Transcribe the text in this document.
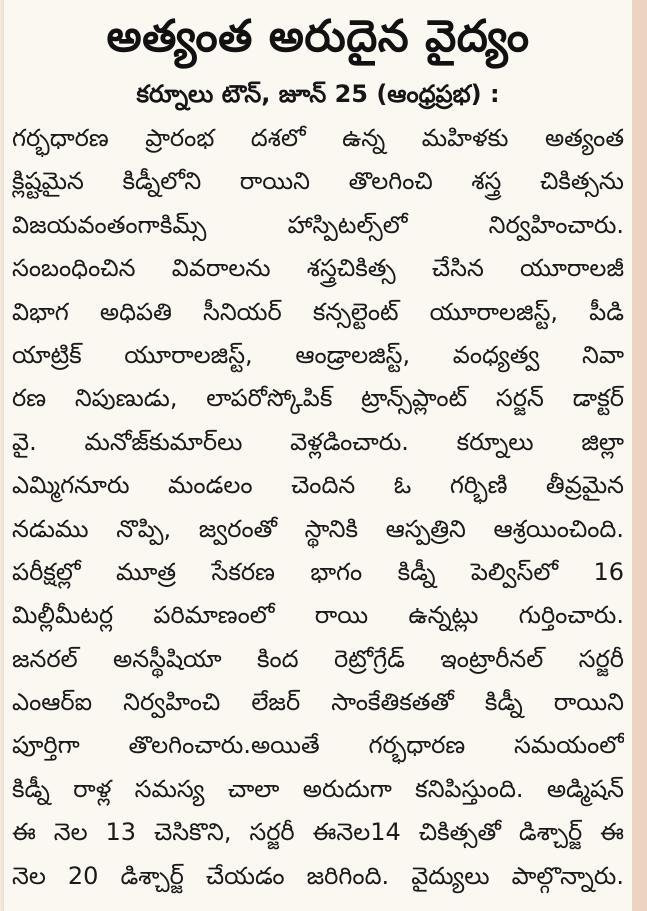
అత్యంత అరుదైన వైద్యం
కర్నూలు టౌన్, జూన్ 25 (ఆంధ్రప్రభ) :
గర్భధారణ ప్రారంభ దశలో ఉన్న మహిళకు అత్యంత
క్లిష్టమైన కిడ్నీలోని రాయిని తొలగించి శస్త్ర చికిత్సను
విజయవంతంగాకిమ్స్ హాస్పిటల్స్‌లో నిర్వహించారు.
సంబంధించిన వివరాలను శస్త్రచికిత్స చేసిన యూరాలజీ
విభాగ అధిపతి సీనియర్ కన్సల్టెంట్ యూరాలజిస్ట్, పీడి
యాట్రిక్ యూరాలజిస్ట్, ఆండ్రాలజిస్ట్, వంధ్యత్వ నివా
రణ నిపుణుడు, లాపరోస్కోపిక్ ట్రాన్స్‌ప్లాంట్ సర్జన్ డాక్టర్
వై. మనోజ్‌కుమార్‌లు వెళ్లడించారు. కర్నూలు జిల్లా
ఎమ్మిగనూరు మండలం చెందిన ఓ గర్భిణి తీవ్రమైన
నడుము నొప్పి, జ్వరంతో స్థానికి ఆస్పత్రిని ఆశ్రయించింది.
పరీక్షల్లో మూత్ర సేకరణ భాగం కిడ్నీ పెల్విస్‌లో 16
మిల్లీమీటర్ల పరిమాణంలో రాయి ఉన్నట్లు గుర్తించారు.
జనరల్ అనస్థీషియా కింద రెట్రోగ్రేడ్ ఇంట్రారీనల్ సర్జరీ
ఎంఆర్ఐ నిర్వహించి లేజర్ సాంకేతికతతో కిడ్నీ రాయిని
పూర్తిగా తొలగించారు.అయితే గర్భధారణ సమయంలో
కిడ్నీ రాళ్ల సమస్య చాలా అరుదుగా కనిపిస్తుంది. అడ్మిషన్
ఈ నెల 13 చెసికొని, సర్జరీ ఈనెల14 చికిత్సతో డిశ్చార్జ్ ఈ
నెల 20 డిశ్చార్జ్ చేయడం జరిగింది. వైద్యులు పాల్గొన్నారు.
